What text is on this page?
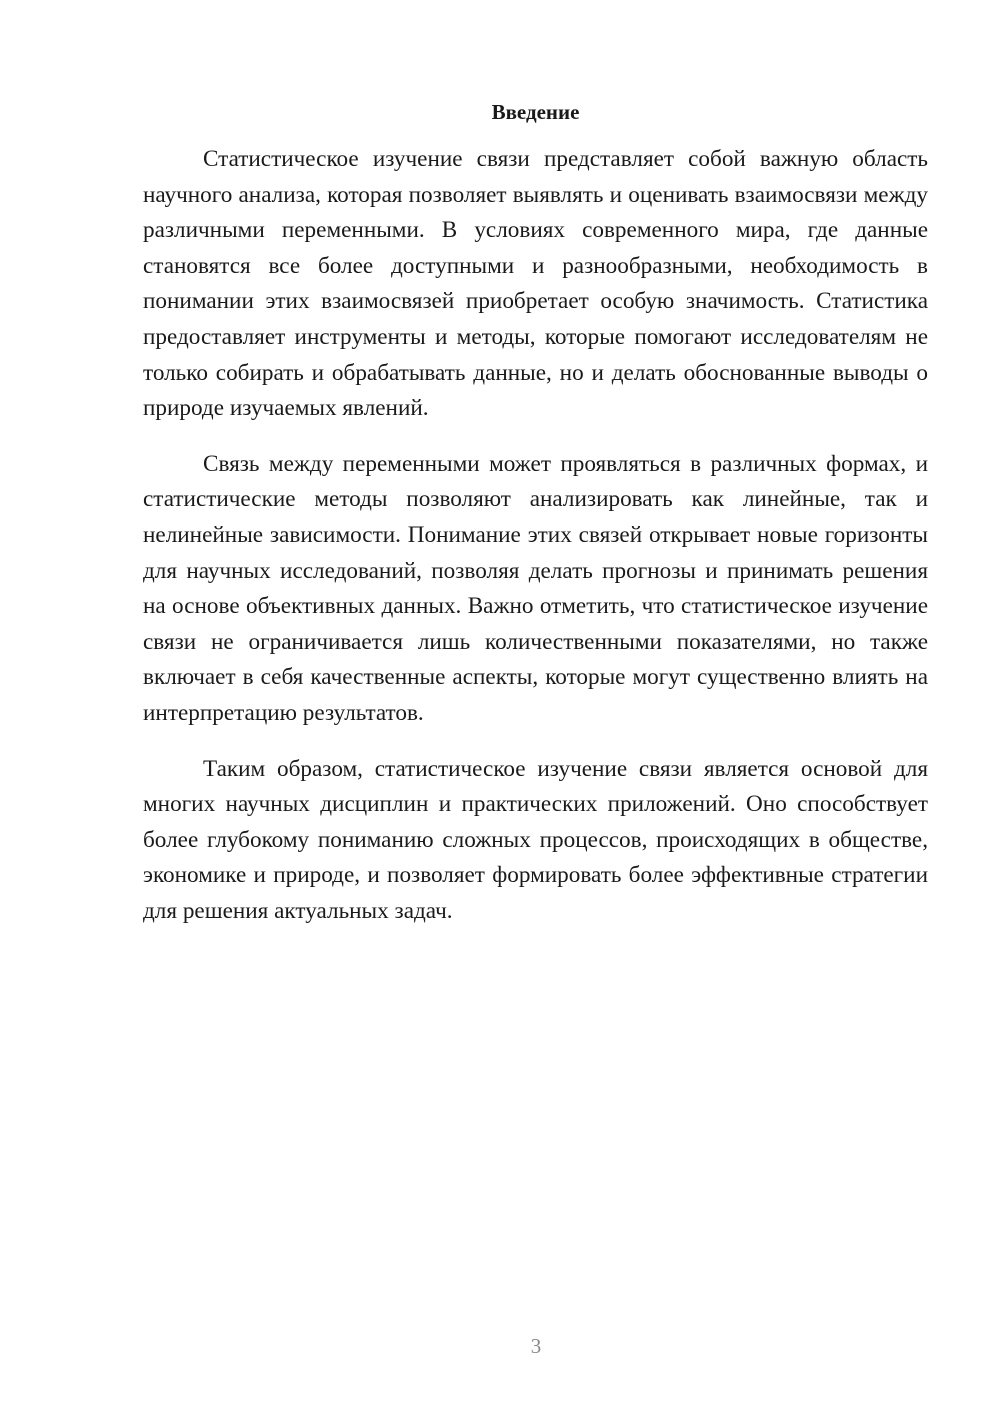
Введение

Статистическое изучение связи представляет собой важную область научного анализа, которая позволяет выявлять и оценивать взаимосвязи между различными переменными. В условиях современного мира, где данные становятся все более доступными и разнообразными, необходимость в понимании этих взаимосвязей приобретает особую значимость. Статистика предоставляет инструменты и методы, которые помогают исследователям не только собирать и обрабатывать данные, но и делать обоснованные выводы о природе изучаемых явлений.

Связь между переменными может проявляться в различных формах, и статистические методы позволяют анализировать как линейные, так и нелинейные зависимости. Понимание этих связей открывает новые горизонты для научных исследований, позволяя делать прогнозы и принимать решения на основе объективных данных. Важно отметить, что статистическое изучение связи не ограничивается лишь количественными показателями, но также включает в себя качественные аспекты, которые могут существенно влиять на интерпретацию результатов.

Таким образом, статистическое изучение связи является основой для многих научных дисциплин и практических приложений. Оно способствует более глубокому пониманию сложных процессов, происходящих в обществе, экономике и природе, и позволяет формировать более эффективные стратегии для решения актуальных задач.

3
